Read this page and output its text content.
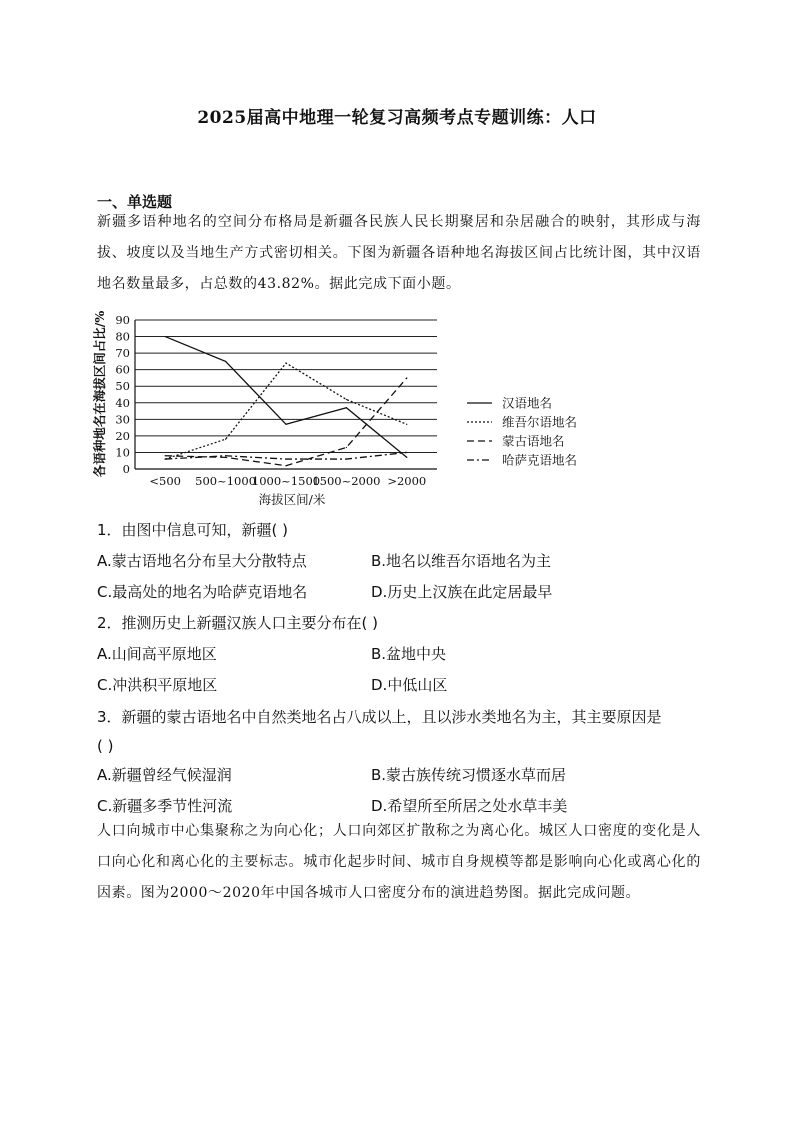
2025届高中地理一轮复习高频考点专题训练：人口
一、单选题
新疆多语种地名的空间分布格局是新疆各民族人民长期聚居和杂居融合的映射，其形成与海拔、坡度以及当地生产方式密切相关。下图为新疆各语种地名海拔区间占比统计图，其中汉语地名数量最多，占总数的43.82%。据此完成下面小题。
0
10
20
30
40
50
60
70
80
90
<500 500~1000
1000~1500
1500~2000 >2000
汉语地名
维吾尔语地名
蒙古语地名
哈萨克语地名
各语种地名在海拔区间占比/%
海拔区间/米
1．由图中信息可知，新疆( )
A.蒙古语地名分布呈大分散特点	B.地名以维吾尔语地名为主
C.最高处的地名为哈萨克语地名	D.历史上汉族在此定居最早
2．推测历史上新疆汉族人口主要分布在( )
A.山间高平原地区	B.盆地中央
C.冲洪积平原地区	D.中低山区
3．新疆的蒙古语地名中自然类地名占八成以上，且以涉水类地名为主，其主要原因是
( )
A.新疆曾经气候湿润	B.蒙古族传统习惯逐水草而居
C.新疆多季节性河流	D.希望所至所居之处水草丰美
人口向城市中心集聚称之为向心化；人口向郊区扩散称之为离心化。城区人口密度的变化是人口向心化和离心化的主要标志。城市化起步时间、城市自身规模等都是影响向心化或离心化的因素。图为2000～2020年中国各城市人口密度分布的演进趋势图。据此完成问题。
